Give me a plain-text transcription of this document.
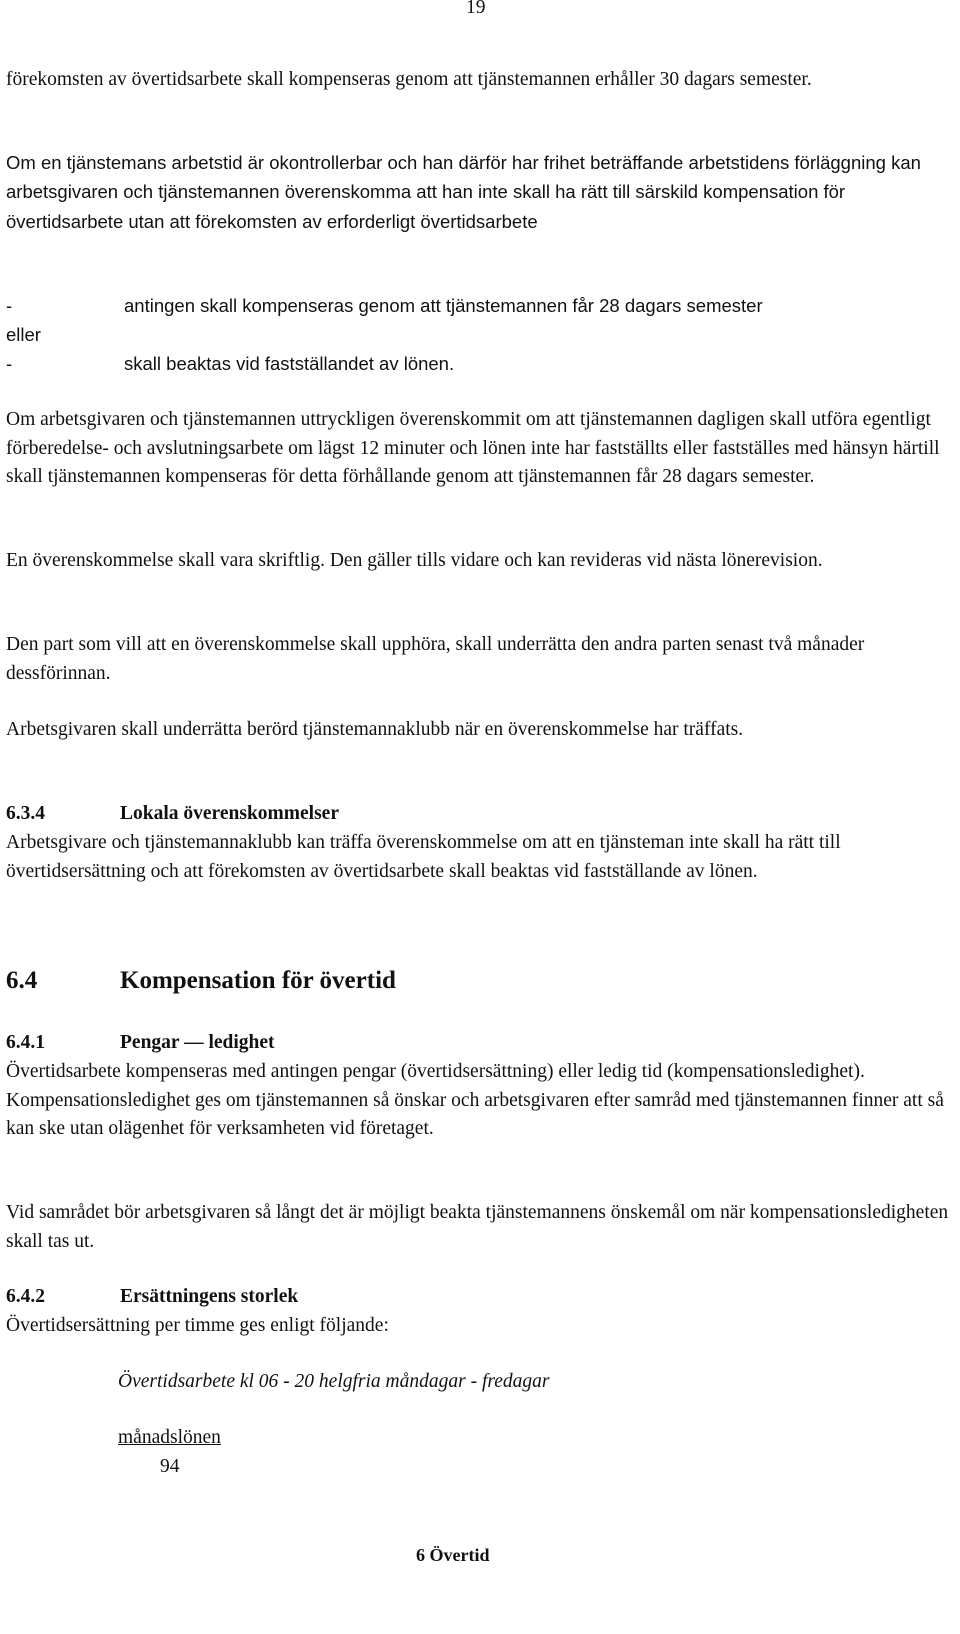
19

förekomsten av övertidsarbete skall kompenseras genom att tjänstemannen erhåller 30 dagars semester.

Om en tjänstemans arbetstid är okontrollerbar och han därför har frihet beträffande arbetstidens förläggning kan arbetsgivaren och tjänstemannen överenskomma att han inte skall ha rätt till särskild kompensation för övertidsarbete utan att förekomsten av erforderligt övertidsarbete

-	antingen skall kompenseras genom att tjänstemannen får 28 dagars semester
eller
-	skall beaktas vid fastställandet av lönen.

Om arbetsgivaren och tjänstemannen uttryckligen överenskommit om att tjänstemannen dagligen skall utföra egentligt förberedelse- och avslutningsarbete om lägst 12 minuter och lönen inte har fastställts eller fastställes med hänsyn härtill skall tjänstemannen kompenseras för detta förhållande genom att tjänstemannen får 28 dagars semester.

En överenskommelse skall vara skriftlig. Den gäller tills vidare och kan revideras vid nästa lönerevision.

Den part som vill att en överenskommelse skall upphöra, skall underrätta den andra parten senast två månader dessförinnan.

Arbetsgivaren skall underrätta berörd tjänstemannaklubb när en överenskommelse har träffats.

6.3.4	Lokala överenskommelser

Arbetsgivare och tjänstemannaklubb kan träffa överenskommelse om att en tjänsteman inte skall ha rätt till övertidsersättning och att förekomsten av övertidsarbete skall beaktas vid fastställande av lönen.

6.4	Kompensation för övertid
6.4.1	Pengar — ledighet

Övertidsarbete kompenseras med antingen pengar (övertidsersättning) eller ledig tid (kompensationsledighet). Kompensationsledighet ges om tjänstemannen så önskar och arbetsgivaren efter samråd med tjänstemannen finner att så kan ske utan olägenhet för verksamheten vid företaget.

Vid samrådet bör arbetsgivaren så långt det är möjligt beakta tjänstemannens önskemål om när kompensationsledigheten skall tas ut.

6.4.2	Ersättningens storlek

Övertidsersättning per timme ges enligt följande:

Övertidsarbete kl 06 - 20 helgfria måndagar - fredagar
månadslönen
94
6 Övertid
